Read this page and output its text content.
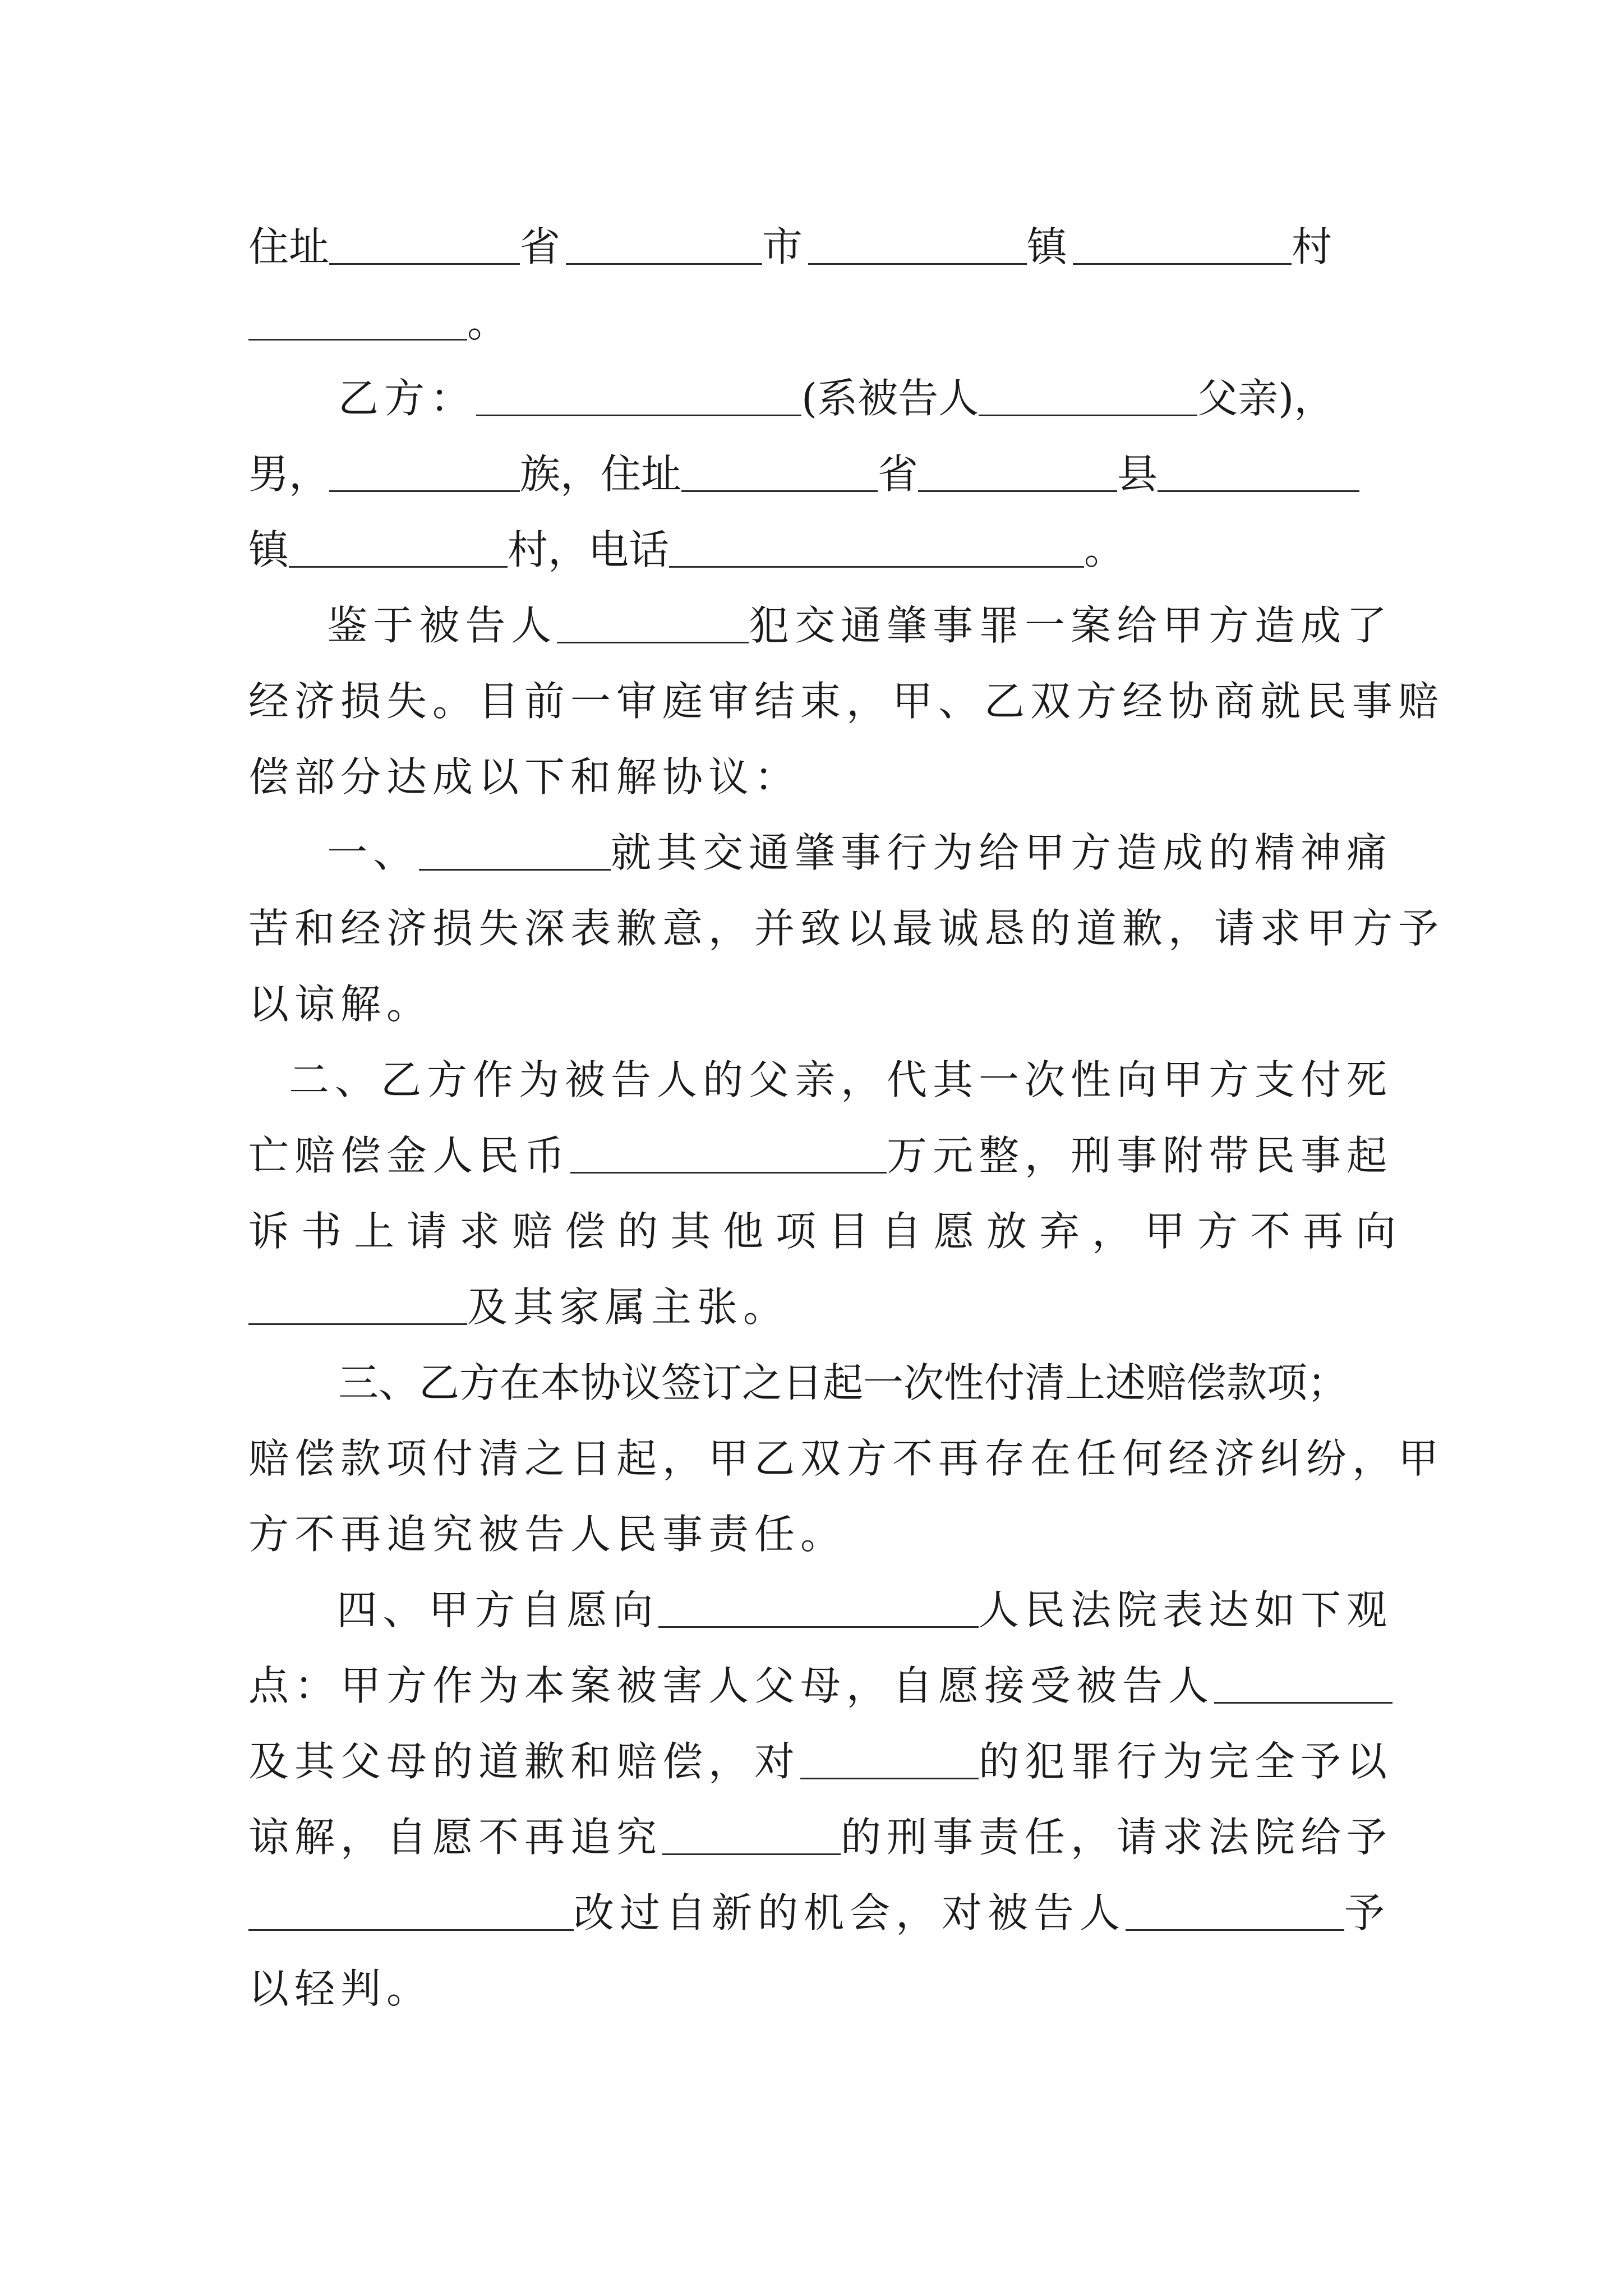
住址	省	市	镇	村
。
乙方：	(系被告人	父亲)，
男，	族，住址	省	县
镇	村，电话	。
鉴于被告人	犯交通肇事罪一案给甲方造成了
经济损失。目前一审庭审结束，甲、乙双方经协商就民事赔
偿部分达成以下和解协议：
一、	就其交通肇事行为给甲方造成的精神痛
苦和经济损失深表歉意，并致以最诚恳的道歉，请求甲方予
以谅解。
二、乙方作为被告人的父亲，代其一次性向甲方支付死
亡赔偿金人民币	万元整，刑事附带民事起
诉书上请求赔偿的其他项目自愿放弃，甲方不再向
及其家属主张。
三、乙方在本协议签订之日起一次性付清上述赔偿款项；
赔偿款项付清之日起，甲乙双方不再存在任何经济纠纷，甲
方不再追究被告人民事责任。
四、甲方自愿向	人民法院表达如下观
点：甲方作为本案被害人父母，自愿接受被告人
及其父母的道歉和赔偿，对	的犯罪行为完全予以
谅解，自愿不再追究	的刑事责任，请求法院给予
改过自新的机会，对被告人	予
以轻判。
